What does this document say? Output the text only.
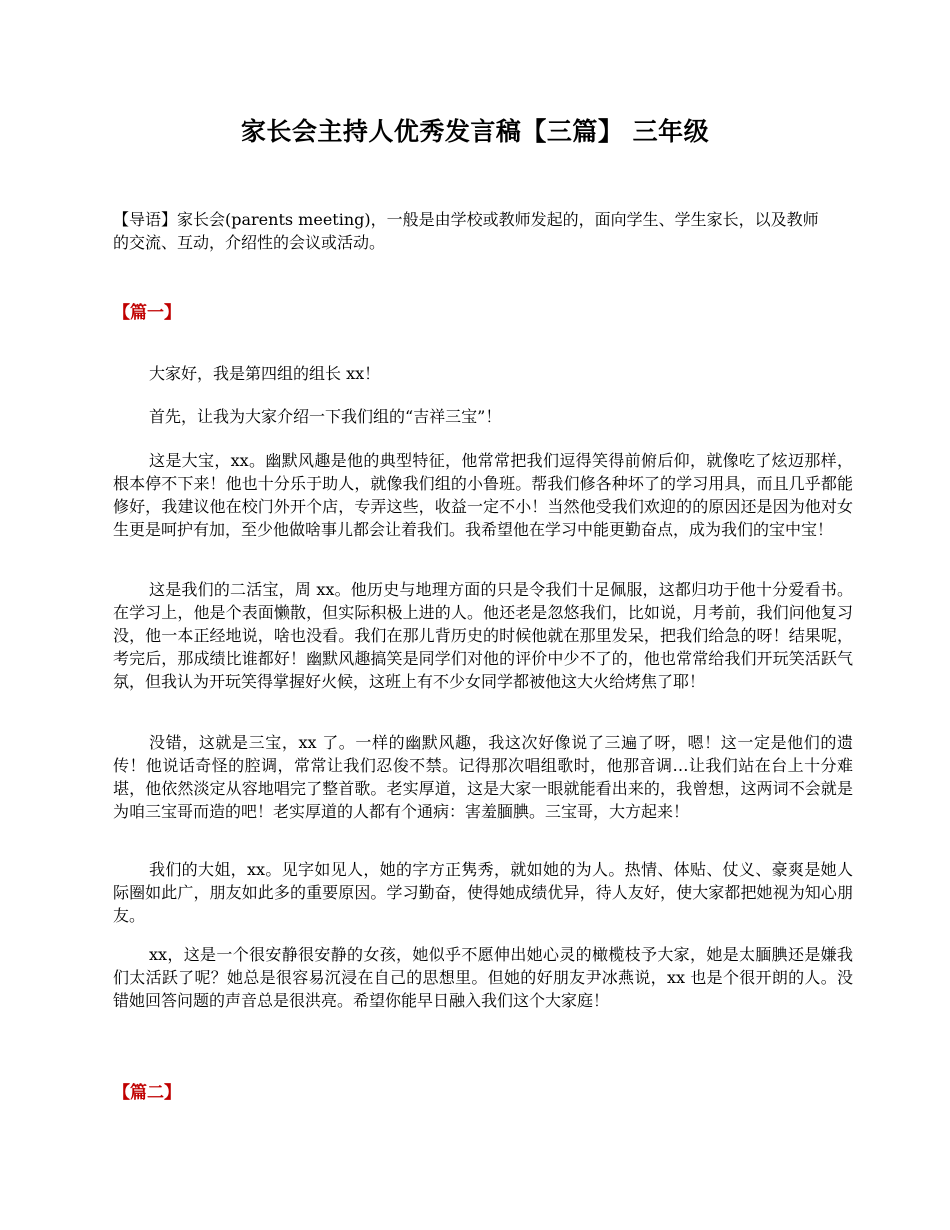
家长会主持人优秀发言稿【三篇】 三年级
【导语】家长会(parents meeting)，一般是由学校或教师发起的，面向学生、学生家长，以及教师的交流、互动，介绍性的会议或活动。
【篇一】
大家好，我是第四组的组长 xx！
首先，让我为大家介绍一下我们组的“吉祥三宝”！
这是大宝，xx。幽默风趣是他的典型特征，他常常把我们逗得笑得前俯后仰，就像吃了炫迈那样，根本停不下来！他也十分乐于助人，就像我们组的小鲁班。帮我们修各种坏了的学习用具，而且几乎都能修好，我建议他在校门外开个店，专弄这些，收益一定不小！当然他受我们欢迎的的原因还是因为他对女生更是呵护有加，至少他做啥事儿都会让着我们。我希望他在学习中能更勤奋点，成为我们的宝中宝！
这是我们的二活宝，周 xx。他历史与地理方面的只是令我们十足佩服，这都归功于他十分爱看书。在学习上，他是个表面懒散，但实际积极上进的人。他还老是忽悠我们，比如说，月考前，我们问他复习没，他一本正经地说，啥也没看。我们在那儿背历史的时候他就在那里发呆，把我们给急的呀！结果呢，考完后，那成绩比谁都好！幽默风趣搞笑是同学们对他的评价中少不了的，他也常常给我们开玩笑活跃气氛，但我认为开玩笑得掌握好火候，这班上有不少女同学都被他这大火给烤焦了耶！
没错，这就是三宝，xx 了。一样的幽默风趣，我这次好像说了三遍了呀，嗯！这一定是他们的遗传！他说话奇怪的腔调，常常让我们忍俊不禁。记得那次唱组歌时，他那音调…让我们站在台上十分难堪，他依然淡定从容地唱完了整首歌。老实厚道，这是大家一眼就能看出来的，我曾想，这两词不会就是为咱三宝哥而造的吧！老实厚道的人都有个通病：害羞腼腆。三宝哥，大方起来！
我们的大姐，xx。见字如见人，她的字方正隽秀，就如她的为人。热情、体贴、仗义、豪爽是她人际圈如此广，朋友如此多的重要原因。学习勤奋，使得她成绩优异，待人友好，使大家都把她视为知心朋友。
xx，这是一个很安静很安静的女孩，她似乎不愿伸出她心灵的橄榄枝予大家，她是太腼腆还是嫌我们太活跃了呢？她总是很容易沉浸在自己的思想里。但她的好朋友尹冰燕说，xx 也是个很开朗的人。没错她回答问题的声音总是很洪亮。希望你能早日融入我们这个大家庭！
【篇二】
